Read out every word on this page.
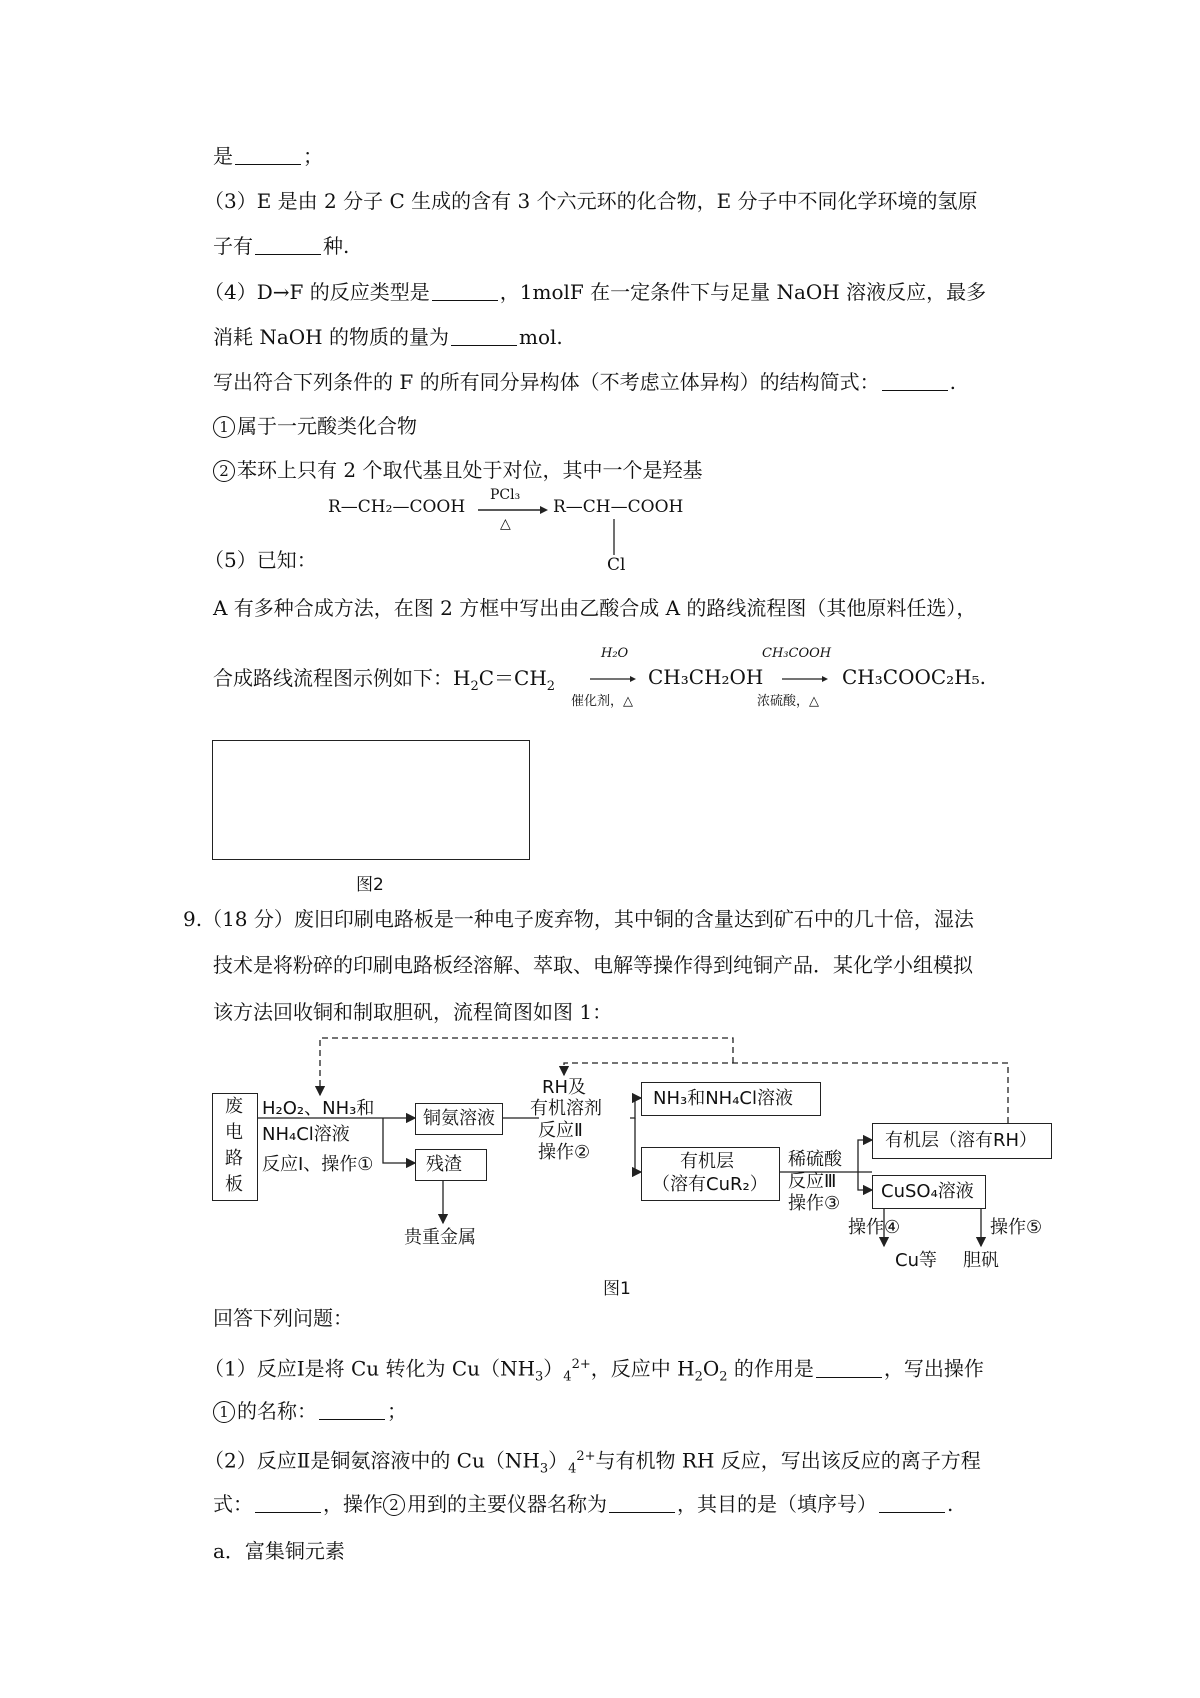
是	；
（3）E 是由 2 分子 C 生成的含有 3 个六元环的化合物，E 分子中不同化学环境的氢原
子有	种.
（4）D→F 的反应类型是	，1molF 在一定条件下与足量 NaOH 溶液反应，最多
消耗 NaOH 的物质的量为	mol.
写出符合下列条件的 F 的所有同分异构体（不考虑立体异构）的结构简式：	.
1 属于一元酸类化合物
2 苯环上只有 2 个取代基且处于对位，其中一个是羟基
R—CH₂—COOH
PCl₃
△
R—CH—COOH
Cl
（5）已知：
A 有多种合成方法，在图 2 方框中写出由乙酸合成 A 的路线流程图（其他原料任选），
合成路线流程图示例如下：$H_2C=CH_2$
H₂O
催化剂，△
CH₃CH₂OH
CH₃COOH
浓硫酸，△
CH₃COOC₂H₅.
图2
9.（18 分）废旧印刷电路板是一种电子废弃物，其中铜的含量达到矿石中的几十倍，湿法
技术是将粉碎的印刷电路板经溶解、萃取、电解等操作得到纯铜产品．某化学小组模拟
该方法回收铜和制取胆矾，流程简图如图 1：
废
电
路
板
H₂O₂、NH₃和
NH₄Cl溶液
反应Ⅰ、操作①
铜氨溶液
残渣
贵重金属
RH及
有机溶剂
反应Ⅱ
操作②
NH₃和NH₄Cl溶液
有机层
（溶有CuR₂）
稀硫酸
反应Ⅲ
操作③
有机层（溶有RH）
CuSO₄溶液
操作④	操作⑤
Cu等 胆矾
图1
回答下列问题：
（1）反应Ⅰ是将 Cu 转化为 $Cu(NH_3)_4^{2+}$，反应中 $H_2O_2$ 的作用是	，写出操作
1 的名称：	；
（2）反应Ⅱ是铜氨溶液中的 $Cu(NH_3)_4^{2+}$与有机物 RH 反应，写出该反应的离子方程
式：	，操作 2 用到的主要仪器名称为	，其目的是（填序号）	.
a．富集铜元素
